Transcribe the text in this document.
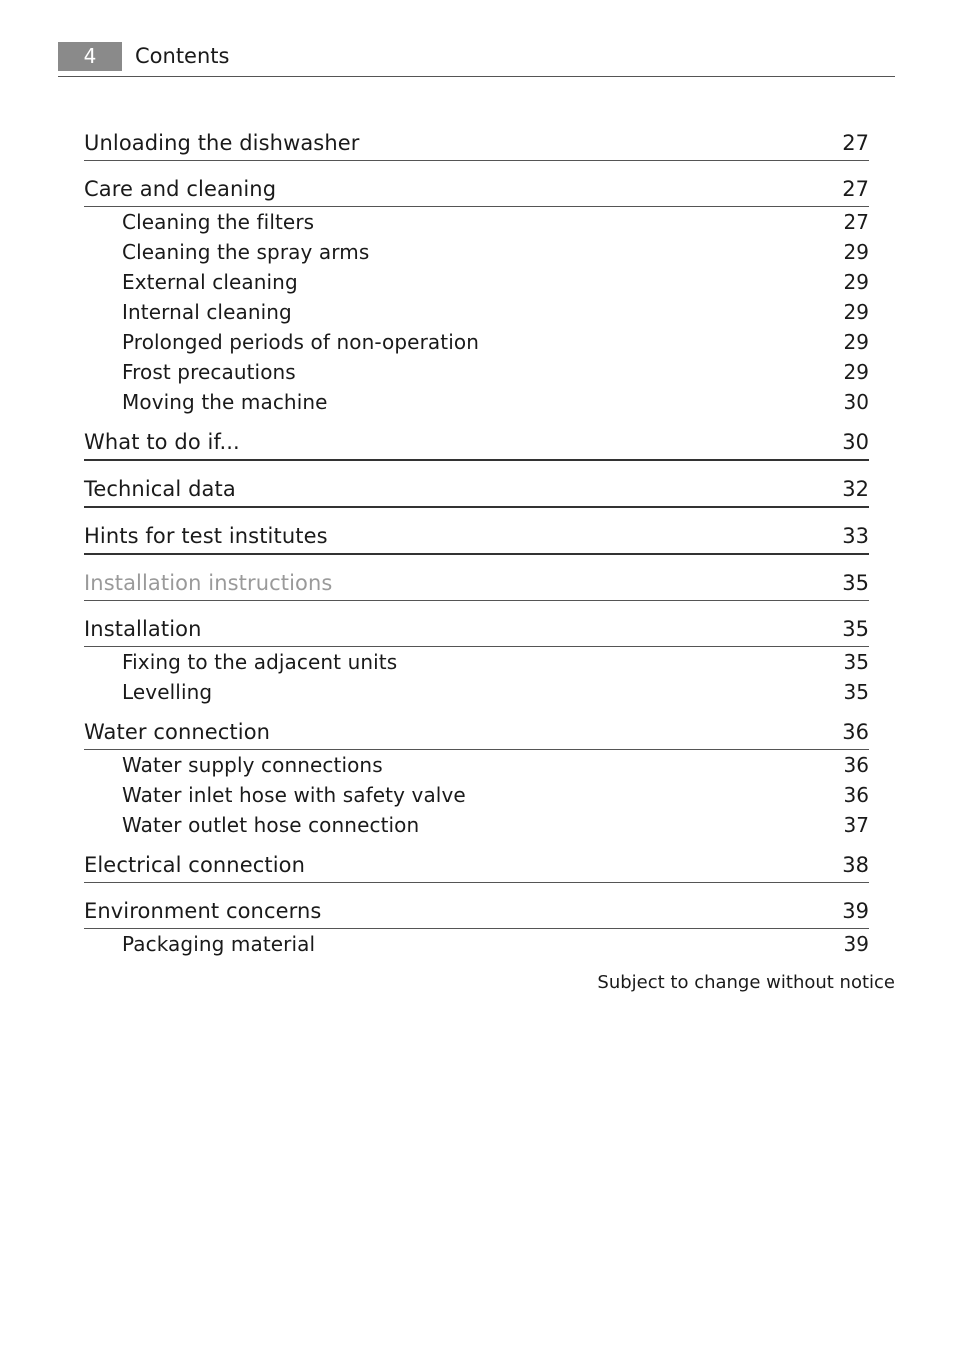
4	Contents
Unloading the dishwasher	27
Care and cleaning	27
Cleaning the filters	27
Cleaning the spray arms	29
External cleaning	29
Internal cleaning	29
Prolonged periods of non-operation	29
Frost precautions	29
Moving the machine	30
What to do if...	30
Technical data	32
Hints for test institutes	33
Installation instructions	35
Installation	35
Fixing to the adjacent units	35
Levelling	35
Water connection	36
Water supply connections	36
Water inlet hose with safety valve	36
Water outlet hose connection	37
Electrical connection	38
Environment concerns	39
Packaging material	39
Subject to change without notice
